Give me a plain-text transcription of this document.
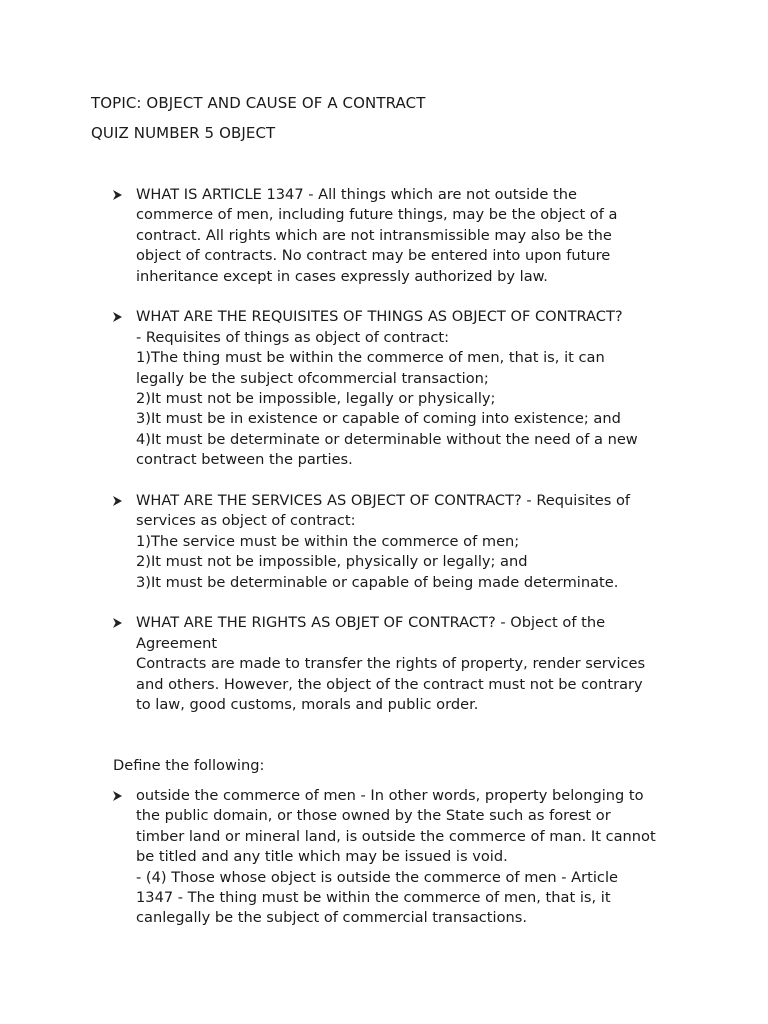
TOPIC: OBJECT AND CAUSE OF A CONTRACT
QUIZ NUMBER 5 OBJECT
WHAT IS ARTICLE 1347 - All things which are not outside the
commerce of men, including future things, may be the object of a
contract. All rights which are not intransmissible may also be the
object of contracts. No contract may be entered into upon future
inheritance except in cases expressly authorized by law.
WHAT ARE THE REQUISITES OF THINGS AS OBJECT OF CONTRACT?
- Requisites of things as object of contract:
1)The thing must be within the commerce of men, that is, it can
legally be the subject ofcommercial transaction;
2)It must not be impossible, legally or physically;
3)It must be in existence or capable of coming into existence; and
4)It must be determinate or determinable without the need of a new
contract between the parties.
WHAT ARE THE SERVICES AS OBJECT OF CONTRACT? - Requisites of
services as object of contract:
1)The service must be within the commerce of men;
2)It must not be impossible, physically or legally; and
3)It must be determinable or capable of being made determinate.
WHAT ARE THE RIGHTS AS OBJET OF CONTRACT? - Object of the
Agreement
Contracts are made to transfer the rights of property, render services
and others. However, the object of the contract must not be contrary
to law, good customs, morals and public order.
Define the following:
outside the commerce of men - In other words, property belonging to
the public domain, or those owned by the State such as forest or
timber land or mineral land, is outside the commerce of man. It cannot
be titled and any title which may be issued is void.
- (4) Those whose object is outside the commerce of men - Article
1347 - The thing must be within the commerce of men, that is, it
canlegally be the subject of commercial transactions.
